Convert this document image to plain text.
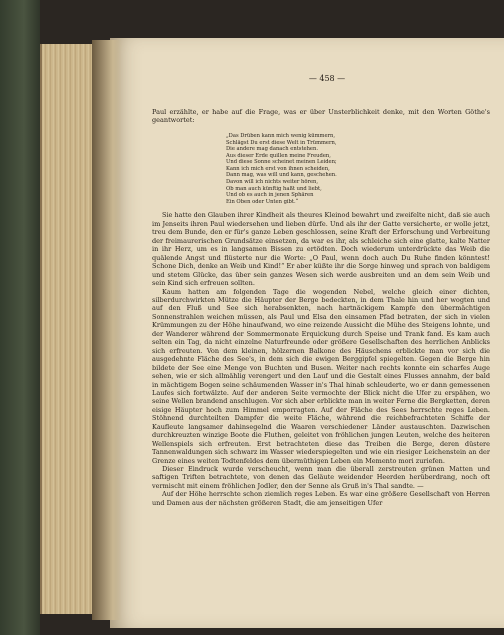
— 458 —

Paul erzählte, er habe auf die Frage, was er über Unsterblichkeit denke, mit den Worten Göthe's geantwortet:

„Das Drüben kann mich wenig kümmern,
Schlägst Du erst diese Welt in Trümmern,
Die andere mag danach entstehen.
Aus dieser Erde quillen meine Freuden,
Und diese Sonne scheinet meinen Leiden;
Kann ich mich erst von ihnen scheiden,
Dann mag, was will und kann, geschehen.
Davon will ich nichts weiter hören,
Ob man auch künftig haßt und liebt,
Und ob es auch in jenen Sphären
Ein Oben oder Unten gibt.“

Sie hatte den Glauben ihrer Kindheit als theures Kleinod bewahrt und zweifelte nicht, daß sie auch im Jenseits ihren Paul wiedersehen und lieben dürfe. Und als ihr der Gatte versicherte, er wolle jetzt, treu dem Bunde, den er für's ganze Leben geschlossen, seine Kraft der Erforschung und Verbreitung der freimaurerischen Grundsätze einsetzen, da war es ihr, als schleiche sich eine glatte, kalte Natter in ihr Herz, um es in langsamen Bissen zu ertödten. Doch wiederum unterdrückte das Weib die quälende Angst und flüsterte nur die Worte: „O Paul, wenn doch auch Du Ruhe finden könntest! Schone Dich, denke an Weib und Kind!“ Er aber küßte ihr die Sorge hinweg und sprach von baldigem und stetem Glücke, das über sein ganzes Wesen sich werde ausbreiten und an dem sein Weib und sein Kind sich erfreuen sollten.

Kaum hatten am folgenden Tage die wogenden Nebel, welche gleich einer dichten, silberdurchwirkten Mütze die Häupter der Berge bedeckten, in dem Thale hin und her wogten und auf den Fluß und See sich herabsenkten, nach hartnäckigem Kampfe den übermächtigen Sonnenstrahlen weichen müssen, als Paul und Elsa den einsamen Pfad betraten, der sich in vielen Krümmungen zu der Höhe hinaufwand, wo eine reizende Aussicht die Mühe des Steigens lohnte, und der Wanderer während der Sommermonate Erquickung durch Speise und Trank fand. Es kam auch selten ein Tag, da nicht einzelne Naturfreunde oder größere Gesellschaften des herrlichen Anblicks sich erfreuten. Von dem kleinen, hölzernen Balkone des Häuschens erblickte man vor sich die ausgedehnte Fläche des See's, in dem sich die ewigen Berggipfel spiegelten. Gegen die Berge hin bildete der See eine Menge von Buchten und Busen. Weiter nach rechts konnte ein scharfes Auge sehen, wie er sich allmählig verengert und den Lauf und die Gestalt eines Flusses annahm, der bald in mächtigem Bogen seine schäumenden Wasser in's Thal hinab schleuderte, wo er dann gemessenen Laufes sich fortwälzte. Auf der anderen Seite vermochte der Blick nicht die Ufer zu erspähen, wo seine Wellen brandend anschlugen. Vor sich aber erblickte man in weiter Ferne die Bergketten, deren eisige Häupter hoch zum Himmel emporragten. Auf der Fläche des Sees herrschte reges Leben. Stöhnend durchteilten Dampfer die weite Fläche, während die reichbefrachteten Schiffe der Kaufleute langsamer dahinsegelnd die Waaren verschiedener Länder austauschten. Dazwischen durchkreuzten winzige Boote die Fluthen, geleitet von fröhlichen jungen Leuten, welche des heiteren Wellenspiels sich erfreuten. Erst betrachteten diese das Treiben die Berge, deren düstere Tannenwaldungen sich schwarz im Wasser wiederspiegelten und wie ein riesiger Leichenstein an der Grenze eines weiten Todtenfeldes dem übermüthigen Leben ein Memento mori zuriefen.

Dieser Eindruck wurde verscheucht, wenn man die überall zerstreuten grünen Matten und saftigen Triften betrachtete, von denen das Geläute weidender Heerden herüberdrang, noch oft vermischt mit einem fröhlichen Jodler, den der Senne als Gruß in's Thal sandte. —

Auf der Höhe herrschte schon ziemlich reges Leben. Es war eine größere Gesellschaft von Herren und Damen aus der nächsten größeren Stadt, die am jenseitigen Ufer
